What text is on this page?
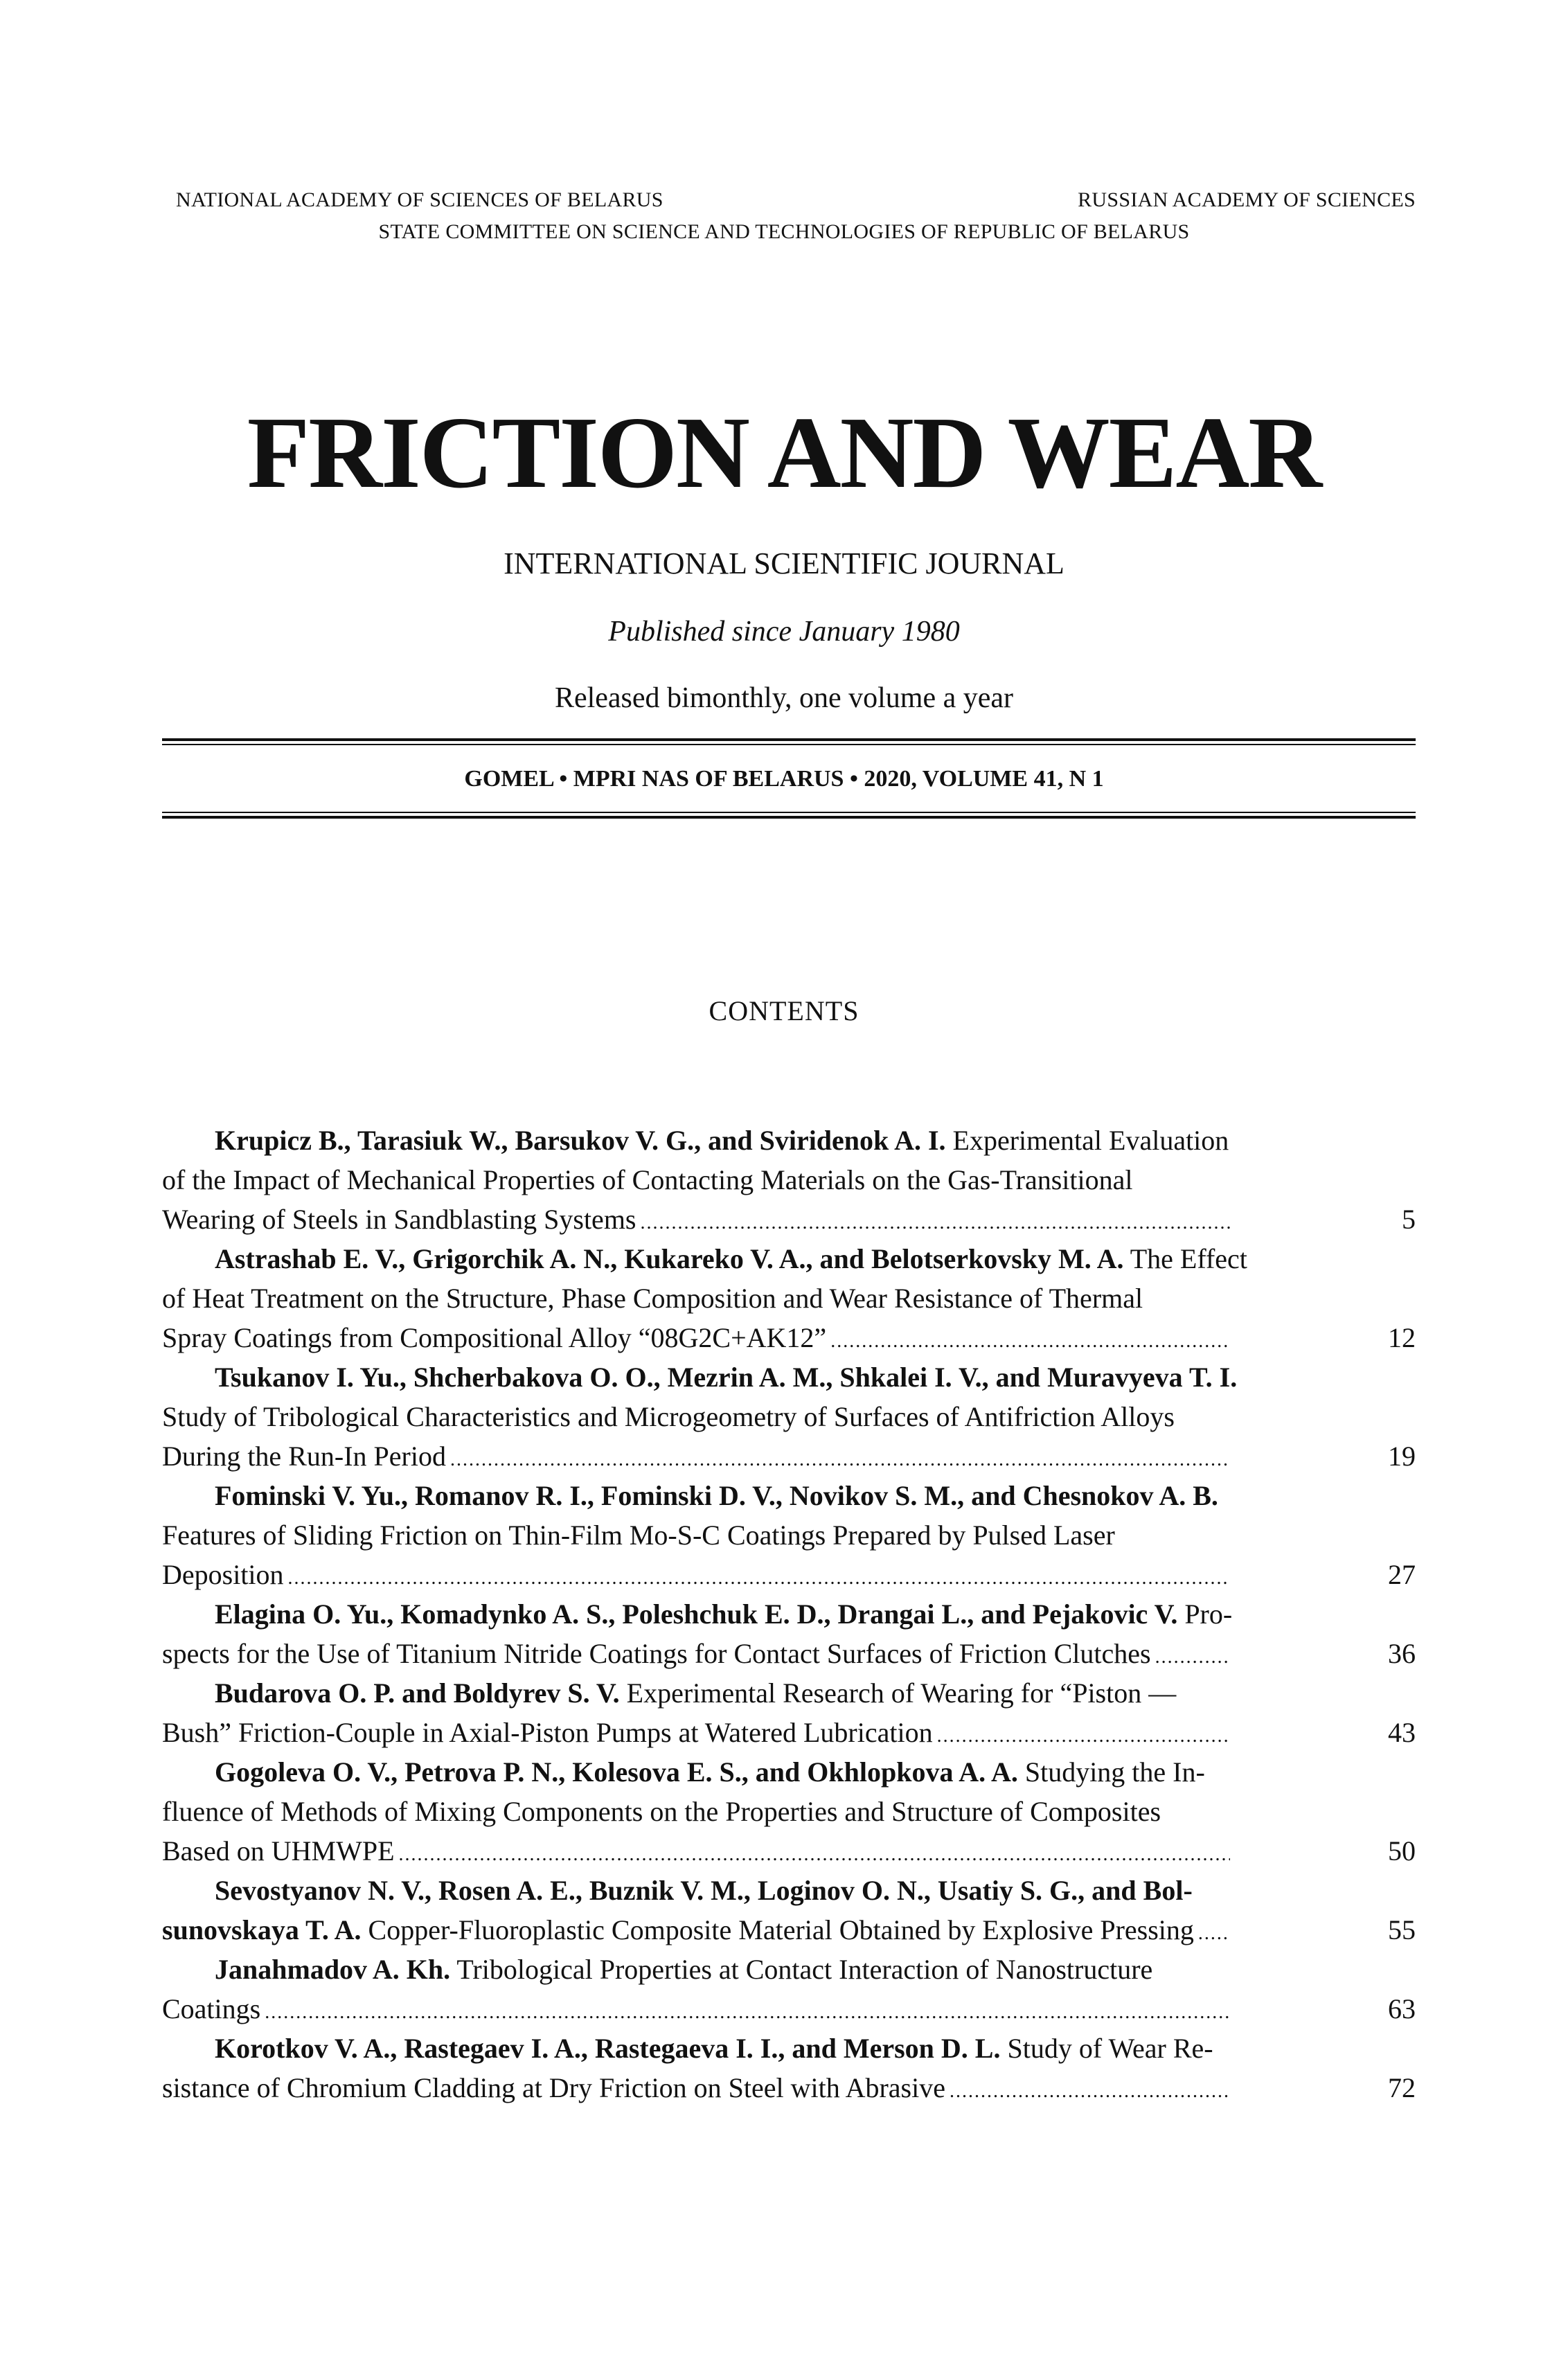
NATIONAL ACADEMY OF SCIENCES OF BELARUS	RUSSIAN ACADEMY OF SCIENCES
STATE COMMITTEE ON SCIENCE AND TECHNOLOGIES OF REPUBLIC OF BELARUS
FRICTION AND WEAR
INTERNATIONAL SCIENTIFIC JOURNAL
Published since January 1980
Released bimonthly, one volume a year
GOMEL • MPRI NAS OF BELARUS • 2020, VOLUME 41, N 1
CONTENTS
Krupicz B., Tarasiuk W., Barsukov V. G., and Sviridenok A. I. Experimental Evaluation
of the Impact of Mechanical Properties of Contacting Materials on the Gas-Transitional
Wearing of Steels in Sandblasting Systems .....	5
Astrashab E. V., Grigorchik A. N., Kukareko V. A., and Belotserkovsky M. A. The Effect
of Heat Treatment on the Structure, Phase Composition and Wear Resistance of Thermal
Spray Coatings from Compositional Alloy “08G2C+AK12” .....	12
Tsukanov I. Yu., Shcherbakova O. O., Mezrin A. M., Shkalei I. V., and Muravyeva T. I.
Study of Tribological Characteristics and Microgeometry of Surfaces of Antifriction Alloys
During the Run-In Period .....	19
Fominski V. Yu., Romanov R. I., Fominski D. V., Novikov S. M., and Chesnokov A. B.
Features of Sliding Friction on Thin-Film Mo-S-C Coatings Prepared by Pulsed Laser
Deposition .....	27
Elagina O. Yu., Komadynko A. S., Poleshchuk E. D., Drangai L., and Pejakovic V. Pro-
spects for the Use of Titanium Nitride Coatings for Contact Surfaces of Friction Clutches .....	36
Budarova O. P. and Boldyrev S. V. Experimental Research of Wearing for “Piston —
Bush” Friction-Couple in Axial-Piston Pumps at Watered Lubrication .....	43
Gogoleva O. V., Petrova P. N., Kolesova E. S., and Okhlopkova A. A. Studying the In-
fluence of Methods of Mixing Components on the Properties and Structure of Composites
Based on UHMWPE .....	50
Sevostyanov N. V., Rosen A. E., Buznik V. M., Loginov O. N., Usatiy S. G., and Bol-
sunovskaya T. A. Copper-Fluoroplastic Composite Material Obtained by Explosive Pressing .....	55
Janahmadov A. Kh. Tribological Properties at Contact Interaction of Nanostructure
Coatings .....	63
Korotkov V. A., Rastegaev I. A., Rastegaeva I. I., and Merson D. L. Study of Wear Re-
sistance of Chromium Cladding at Dry Friction on Steel with Abrasive .....	72
